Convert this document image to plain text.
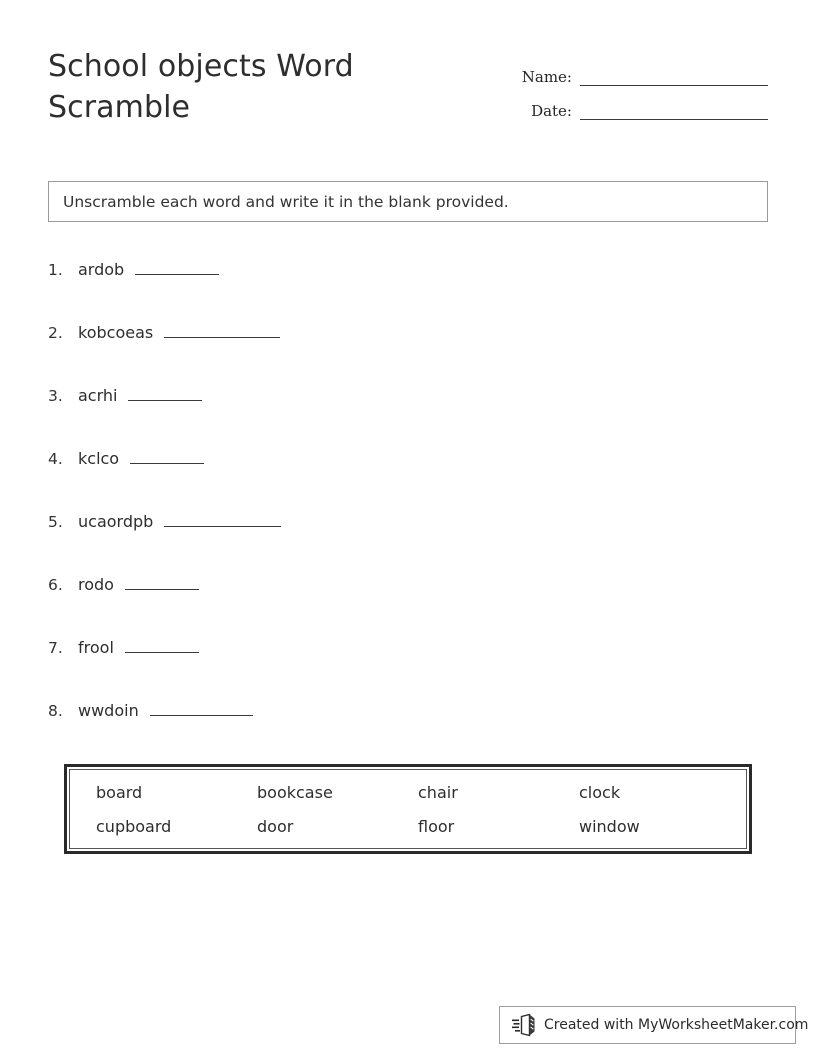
School objects Word Scramble
Name:
Date:
Unscramble each word and write it in the blank provided.
1. ardob
2. kobcoeas
3. acrhi
4. kclco
5. ucaordpb
6. rodo
7. frool
8. wwdoin
board	bookcase	chair	clock
cupboard	door	floor	window
Created with MyWorksheetMaker.com
